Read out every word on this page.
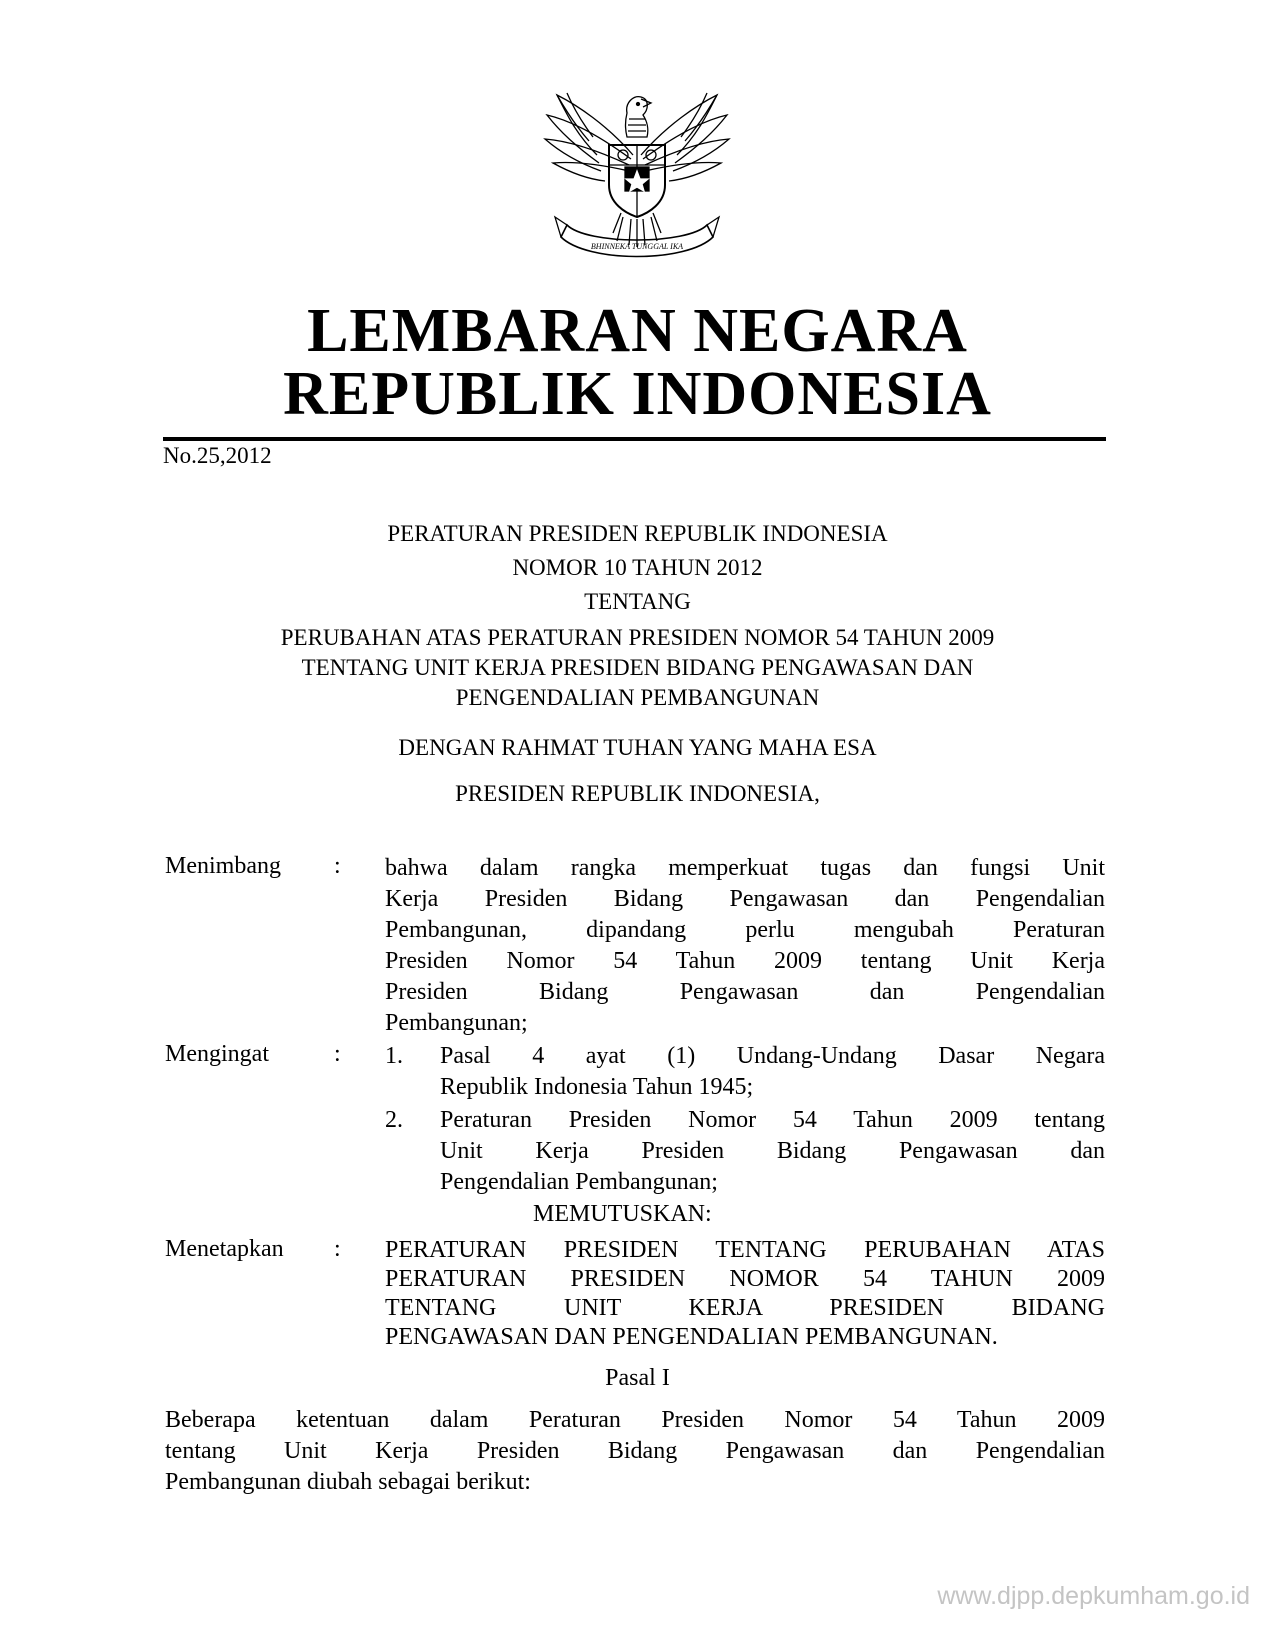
BHINNEKA TUNGGAL IKA
LEMBARAN NEGARA
REPUBLIK INDONESIA
No.25,2012
PERATURAN PRESIDEN REPUBLIK INDONESIA
NOMOR 10 TAHUN 2012
TENTANG
PERUBAHAN ATAS PERATURAN PRESIDEN NOMOR 54 TAHUN 2009
TENTANG UNIT KERJA PRESIDEN BIDANG PENGAWASAN DAN
PENGENDALIAN PEMBANGUNAN
DENGAN RAHMAT TUHAN YANG MAHA ESA
PRESIDEN REPUBLIK INDONESIA,
Menimbang : bahwa dalam rangka memperkuat tugas dan fungsi Unit
Kerja Presiden Bidang Pengawasan dan Pengendalian
Pembangunan, dipandang perlu mengubah Peraturan
Presiden Nomor 54 Tahun 2009 tentang Unit Kerja
Presiden Bidang Pengawasan dan Pengendalian
Pembangunan;
Mengingat	: 1. Pasal 4 ayat (1) Undang-Undang Dasar Negara
Republik Indonesia Tahun 1945;
2. Peraturan Presiden Nomor 54 Tahun 2009 tentang
Unit Kerja Presiden Bidang Pengawasan dan
Pengendalian Pembangunan;
MEMUTUSKAN:
Menetapkan : PERATURAN PRESIDEN TENTANG PERUBAHAN ATAS
PERATURAN PRESIDEN NOMOR 54 TAHUN 2009
TENTANG UNIT KERJA PRESIDEN BIDANG
PENGAWASAN DAN PENGENDALIAN PEMBANGUNAN.
Pasal I
Beberapa ketentuan dalam Peraturan Presiden Nomor 54 Tahun 2009
tentang Unit Kerja Presiden Bidang Pengawasan dan Pengendalian
Pembangunan diubah sebagai berikut:
www.djpp.depkumham.go.id
